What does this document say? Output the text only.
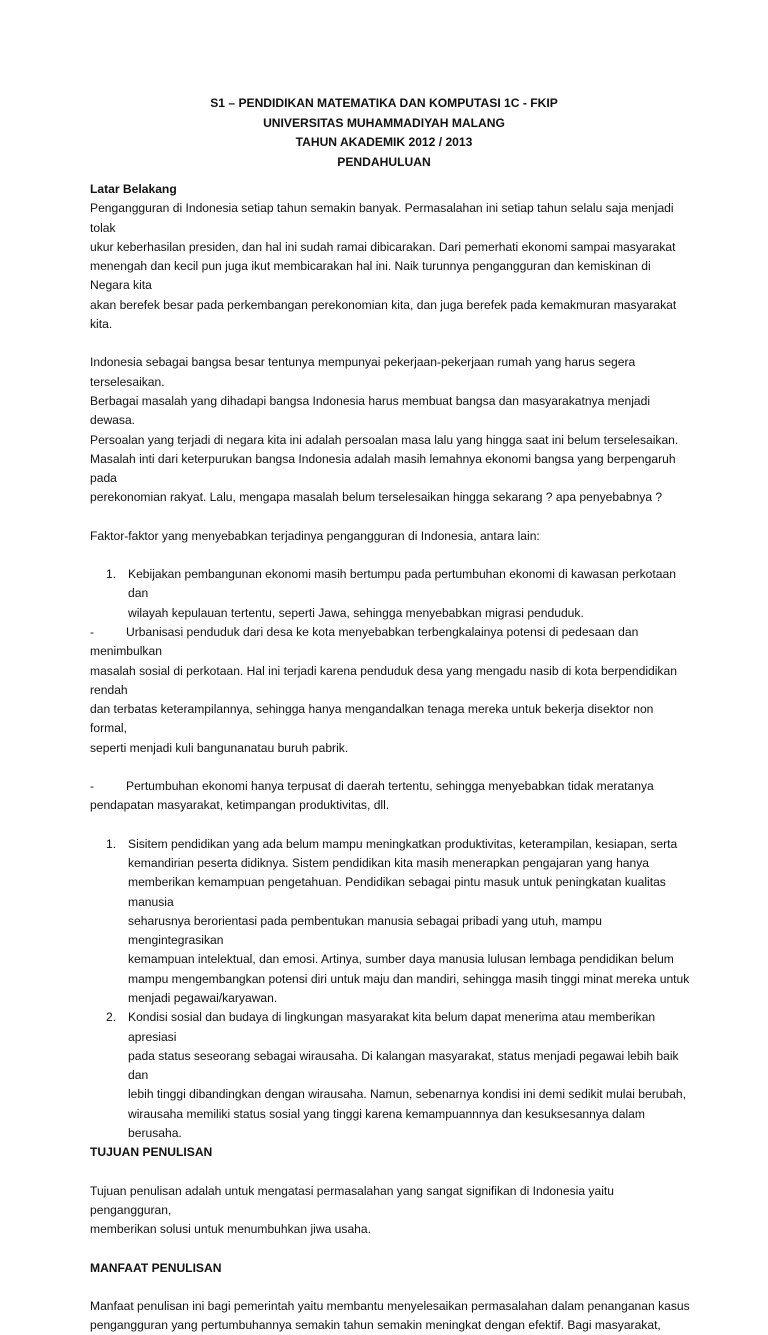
S1 – PENDIDIKAN MATEMATIKA DAN KOMPUTASI 1C - FKIP
UNIVERSITAS MUHAMMADIYAH MALANG
TAHUN AKADEMIK 2012 / 2013
PENDAHULUAN
Latar Belakang
Pengangguran di Indonesia setiap tahun semakin banyak. Permasalahan ini setiap tahun selalu saja menjadi tolak
ukur keberhasilan presiden, dan hal ini sudah ramai dibicarakan. Dari pemerhati ekonomi sampai masyarakat
menengah dan kecil pun juga ikut membicarakan hal ini. Naik turunnya pengangguran dan kemiskinan di Negara kita
akan berefek besar pada perkembangan perekonomian kita, dan juga berefek pada kemakmuran masyarakat kita.
Indonesia sebagai bangsa besar tentunya mempunyai pekerjaan-pekerjaan rumah yang harus segera terselesaikan.
Berbagai masalah yang dihadapi bangsa Indonesia harus membuat bangsa dan masyarakatnya menjadi dewasa.
Persoalan yang terjadi di negara kita ini adalah persoalan masa lalu yang hingga saat ini belum terselesaikan.
Masalah inti dari keterpurukan bangsa Indonesia adalah masih lemahnya ekonomi bangsa yang berpengaruh pada
perekonomian rakyat. Lalu, mengapa masalah belum terselesaikan hingga sekarang ? apa penyebabnya ?
Faktor-faktor yang menyebabkan terjadinya pengangguran di Indonesia, antara lain:
1. Kebijakan pembangunan ekonomi masih bertumpu pada pertumbuhan ekonomi di kawasan perkotaan dan
wilayah kepulauan tertentu, seperti Jawa, sehingga menyebabkan migrasi penduduk.
-	Urbanisasi penduduk dari desa ke kota menyebabkan terbengkalainya potensi di pedesaan dan menimbulkan
masalah sosial di perkotaan. Hal ini terjadi karena penduduk desa yang mengadu nasib di kota berpendidikan rendah
dan terbatas keterampilannya, sehingga hanya mengandalkan tenaga mereka untuk bekerja disektor non formal,
seperti menjadi kuli bangunanatau buruh pabrik.
-	Pertumbuhan ekonomi hanya terpusat di daerah tertentu, sehingga menyebabkan tidak meratanya
pendapatan masyarakat, ketimpangan produktivitas, dll.
1. Sisitem pendidikan yang ada belum mampu meningkatkan produktivitas, keterampilan, kesiapan, serta
kemandirian peserta didiknya. Sistem pendidikan kita masih menerapkan pengajaran yang hanya
memberikan kemampuan pengetahuan. Pendidikan sebagai pintu masuk untuk peningkatan kualitas manusia
seharusnya berorientasi pada pembentukan manusia sebagai pribadi yang utuh, mampu mengintegrasikan
kemampuan intelektual, dan emosi. Artinya, sumber daya manusia lulusan lembaga pendidikan belum
mampu mengembangkan potensi diri untuk maju dan mandiri, sehingga masih tinggi minat mereka untuk
menjadi pegawai/karyawan.
2. Kondisi sosial dan budaya di lingkungan masyarakat kita belum dapat menerima atau memberikan apresiasi
pada status seseorang sebagai wirausaha. Di kalangan masyarakat, status menjadi pegawai lebih baik dan
lebih tinggi dibandingkan dengan wirausaha. Namun, sebenarnya kondisi ini demi sedikit mulai berubah,
wirausaha memiliki status sosial yang tinggi karena kemampuannnya dan kesuksesannya dalam berusaha.
TUJUAN PENULISAN
Tujuan penulisan adalah untuk mengatasi permasalahan yang sangat signifikan di Indonesia yaitu pengangguran,
memberikan solusi untuk menumbuhkan jiwa usaha.
MANFAAT PENULISAN
Manfaat penulisan ini bagi pemerintah yaitu membantu menyelesaikan permasalahan dalam penanganan kasus
pengangguran yang pertumbuhannya semakin tahun semakin meningkat dengan efektif. Bagi masyarakat,
